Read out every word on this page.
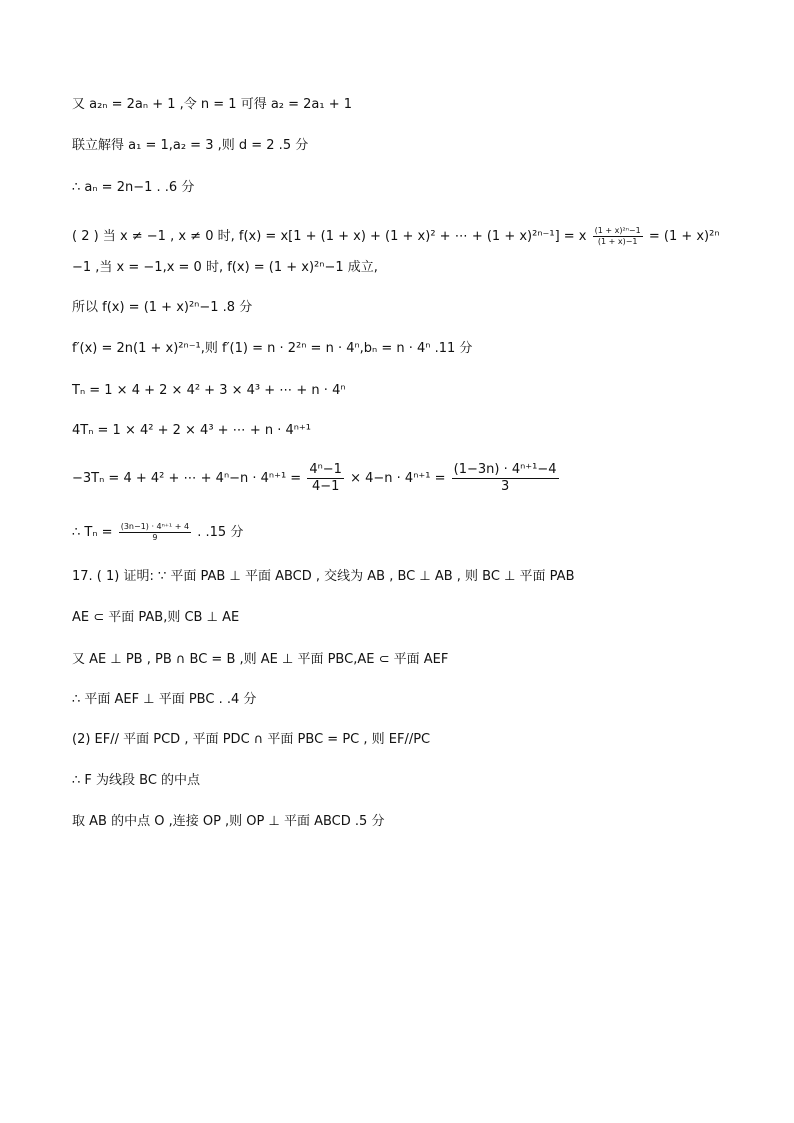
又 a₂ₙ = 2aₙ + 1 ,令 n = 1 可得 a₂ = 2a₁ + 1
联立解得 a₁ = 1,a₂ = 3 ,则 d = 2 .5 分
∴ aₙ = 2n−1 . .6 分
( 2 ) 当 x ≠ −1 , x ≠ 0 时, f(x) = x[1 + (1 + x) + (1 + x)² + ⋯ + (1 + x)²ⁿ⁻¹] = x $\frac{\text{(1 + x)²ⁿ−1}}{(1 + x)-1} = (1 + x)^{2n}$
−1 ,当 x = −1,x = 0 时, f(x) = (1 + x)²ⁿ−1 成立,
所以 f(x) = (1 + x)²ⁿ−1 .8 分
f′(x) = 2n(1 + x)²ⁿ⁻¹,则 f′(1) = n · 2²ⁿ = n · 4ⁿ,bₙ = n · 4ⁿ .11 分
Tₙ = 1 × 4 + 2 × 4² + 3 × 4³ + ⋯ + n · 4ⁿ
4Tₙ = 1 × 4² + 2 × 4³ + ⋯ + n · 4ⁿ⁺¹
−3Tₙ = 4 + 4² + ⋯ + $4^n-n \cdot 4^{n+1} = \frac{\text{4ⁿ−1}}{4-1} \times 4-n \cdot 4^{n+1} = \frac{\text{(1−3n) · 4ⁿ⁺¹−4}}{3}$
∴ $T_n = \frac{\text{(3n−1) · 4ⁿ⁺¹ + 4}}{9}$ . .15 分
17. ( 1) 证明: ∵ 平面 PAB ⊥ 平面 ABCD , 交线为 AB , BC ⊥ AB , 则 BC ⊥ 平面 PAB
AE ⊂ 平面 PAB,则 CB ⊥ AE
又 AE ⊥ PB , PB ∩ BC = B ,则 AE ⊥ 平面 PBC,AE ⊂ 平面 AEF
∴ 平面 AEF ⊥ 平面 PBC . .4 分
(2) EF// 平面 PCD , 平面 PDC ∩ 平面 PBC = PC , 则 EF//PC
∴ F 为线段 BC 的中点
取 AB 的中点 O ,连接 OP ,则 OP ⊥ 平面 ABCD .5 分
